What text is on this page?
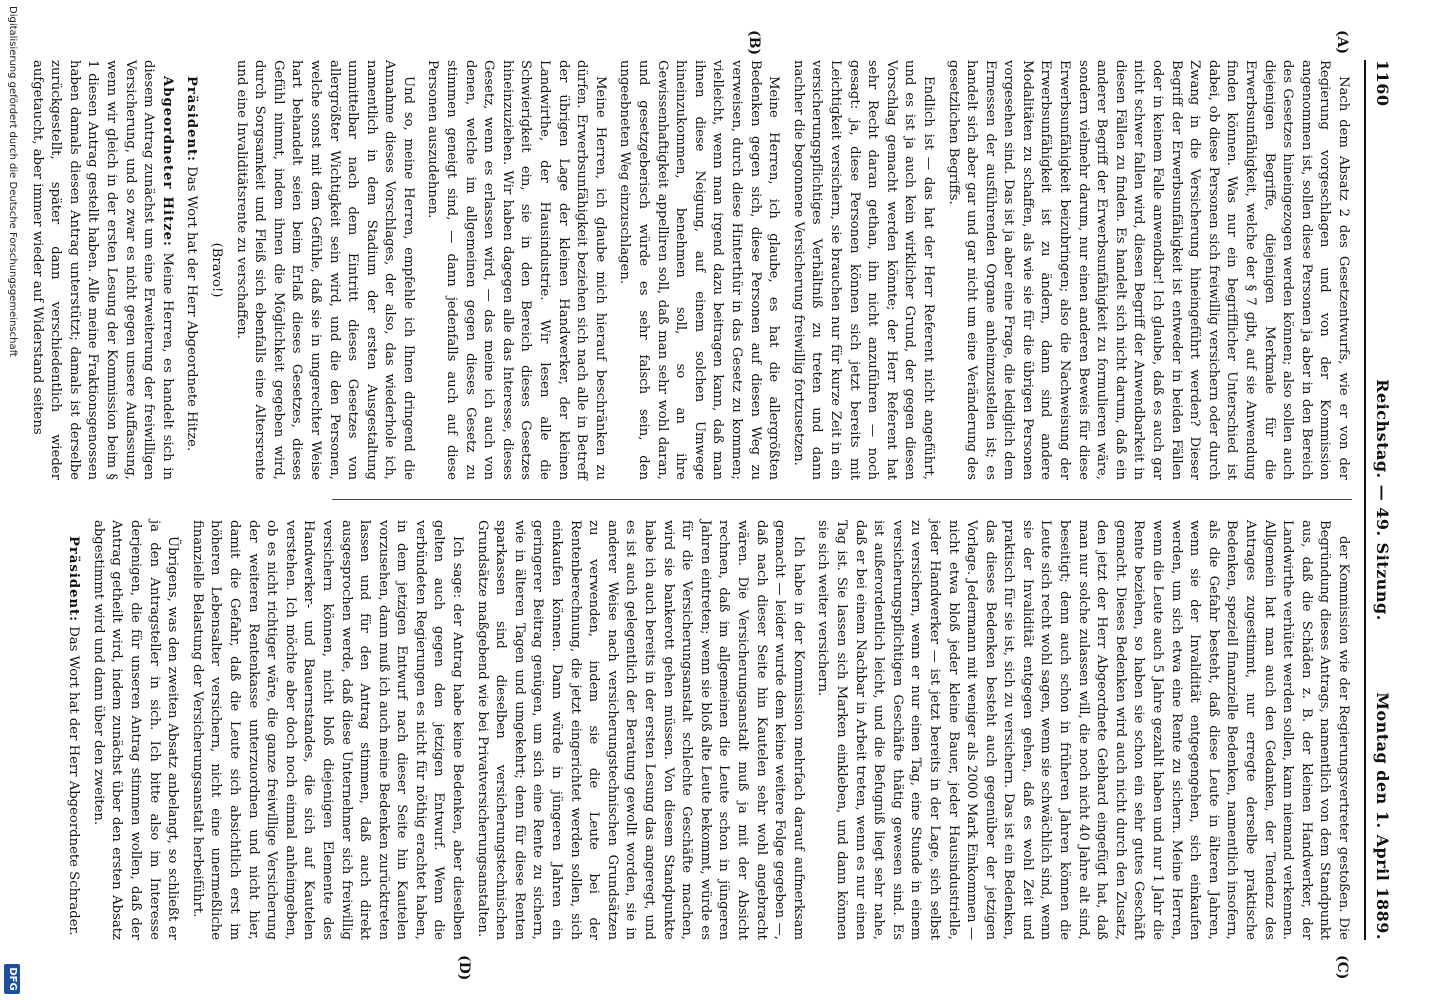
1160
Reichstag. — 49. Sitzung.
Montag den 1. April 1889.
(A)
(B)
(C)
(D)

Nach dem Absatz 2 des Gesetzentwurfs, wie er von der Regierung vorgeschlagen und von der Kommission angenommen ist, sollen diese Personen ja aber in den Bereich des Gesetzes hineingezogen werden können; also sollen auch diejenigen Begriffe, diejenigen Merkmale für die Erwerbsunfähigkeit, welche der § 7 gibt, auf sie Anwendung finden können. Was nur ein begrifflicher Unterschied ist dabei, ob diese Personen sich freiwillig versichern oder durch Zwang in die Versicherung hineingeführt werden? Dieser Begriff der Erwerbsunfähigkeit ist entweder in beiden Fällen oder in keinem Falle anwendbar! Ich glaube, daß es auch gar nicht schwer fallen wird, diesen Begriff der Anwendbarkeit in diesen Fällen zu finden. Es handelt sich nicht darum, daß ein anderer Begriff der Erwerbsunfähigkeit zu formulieren wäre, sondern vielmehr darum, nur einen anderen Beweis für diese Erwerbsunfähigkeit beizubringen; also die Nachweisung der Erwerbsunfähigkeit ist zu ändern, dann sind andere Modalitäten zu schaffen, als wie sie für die übrigen Personen vorgesehen sind. Das ist ja aber eine Frage, die lediglich dem Ermessen der ausführenden Organe anheimzustellen ist; es handelt sich aber gar und gar nicht um eine Veränderung des gesetzlichen Begriffs.

Endlich ist — das hat der Herr Referent nicht angeführt, und es ist ja auch kein wirklicher Grund, der gegen diesen Vorschlag gemacht werden könnte; der Herr Referent hat sehr Recht daran gethan, ihn nicht anzuführen — noch gesagt: ja, diese Personen können sich jetzt bereits mit Leichtigkeit versichern, sie brauchen nur für kurze Zeit in ein versicherungspflichtiges Verhältniß zu treten und dann nachher die begonnene Versicherung freiwillig fortzusetzen.

Meine Herren, ich glaube, es hat die allergrößten Bedenken gegen sich, diese Personen auf diesen Weg zu verweisen, durch diese Hinterthür in das Gesetz zu kommen; vielleicht, wenn man irgend dazu beitragen kann, daß man ihnen diese Neigung, auf einem solchen Umwege hineinzukommen, benehmen soll, so an ihre Gewissenhaftigkeit appelliren soll, daß man sehr wohl daran, und gesetzgeberisch würde es sehr falsch sein, den ungeebneten Weg einzuschlagen.

Meine Herren, ich glaube mich hierauf beschränken zu dürfen. Erwerbsunfähigkeit beziehen sich nach alle in Betreff der übrigen Lage der kleinen Handwerker, der kleinen Landwirthe, der Hausindustrie. Wir lesen alle die Schwierigkeit ein, sie in den Bereich dieses Gesetzes hineinzuziehen. Wir haben dagegen alle das Interesse, dieses Gesetz, wenn es erlassen wird, — das meine ich auch von denen, welche im allgemeinen gegen dieses Gesetz zu stimmen geneigt sind, — dann jedenfalls auch auf diese Personen auszudehnen.

Und so, meine Herren, empfehle ich Ihnen dringend die Annahme dieses Vorschlages, der also, das wiederhole ich, namentlich in dem Stadium der ersten Ausgestaltung unmittelbar nach dem Eintritt dieses Gesetzes von allergrößter Wichtigkeit sein wird, und die den Personen, welche sonst mit dem Gefühle, daß sie in ungerechter Weise hart behandelt seien beim Erlaß dieses Gesetzes, dieses Gefühl nimmt, indem ihnen die Möglichkeit gegeben wird, durch Sorgsamkeit und Fleiß sich ebenfalls eine Altersrente und eine Invaliditätsrente zu verschaffen.

(Bravo!)

Präsident: Das Wort hat der Herr Abgeordnete Hitze.

Abgeordneter Hitze: Meine Herren, es handelt sich in diesem Antrag zunächst um eine Erweiterung der freiwilligen Versicherung, und so zwar es nicht gegen unsere Auffassung, wenn wir gleich in der ersten Lesung der Kommission beim § 1 diesen Antrag gestellt haben. Alle meine Fraktionsgenossen haben damals diesen Antrag unterstützt; damals ist derselbe zurückgestellt, später dann verschiedentlich wieder aufgetaucht, aber immer wieder auf Widerstand seitens

der Kommission wie der Regierungsvertreter gestoßen. Die Begründung dieses Antrags, namentlich von dem Standpunkt aus, daß die Schäden z. B. der kleinen Handwerker, der Landwirthe verhütet werden sollen, kann niemand verkennen. Allgemein hat man auch den Gedanken, der Tendenz des Antrages zugestimmt, nur erregte derselbe praktische Bedenken, speziell finanzielle Bedenken, namentlich insofern, als die Gefahr besteht, daß diese Leute in älteren Jahren, wenn sie der Invalidität entgegengehen, sich einkaufen werden, um sich etwa eine Rente zu sichern. Meine Herren, wenn die Leute auch 5 Jahre gezahlt haben und nur 1 Jahr die Rente beziehen, so haben sie schon ein sehr gutes Geschäft gemacht. Dieses Bedenken wird auch nicht durch den Zusatz, den jetzt der Herr Abgeordnete Gebhard eingefügt hat, daß man nur solche zulassen will, die noch nicht 40 Jahre alt sind, beseitigt; denn auch schon in früheren Jahren können die Leute sich recht wohl sagen, wenn sie schwächlich sind, wenn sie der Invalidität entgegen gehen, daß es wohl Zeit und praktisch für sie ist, sich zu versichern. Das ist ein Bedenken, das dieses Bedenken besteht auch gegenüber der jetzigen Vorlage. Jedermann mit weniger als 2000 Mark Einkommen — nicht etwa bloß jeder kleine Bauer, jeder Hausindustrielle, jeder Handwerker — ist jetzt bereits in der Lage, sich selbst zu versichern, wenn er nur einen Tag, eine Stunde in einem versicherungspflichtigen Geschäfte thätig gewesen sind. Es ist außerordentlich leicht, und die Befugniß liegt sehr nahe, daß er bei einem Nachbar in Arbeit treten, wenn es nur einen Tag ist. Sie lassen sich Marken einkleben, und dann können sie sich weiter versichern.

Ich habe in der Kommission mehrfach darauf aufmerksam gemacht — leider wurde dem keine weitere Folge gegeben —, daß nach dieser Seite hin Kautelen sehr wohl angebracht wären. Die Versicherungsanstalt muß ja mit der Absicht rechnen, daß im allgemeinen die Leute schon in jüngeren Jahren eintreten; wenn sie bloß alte Leute bekommt, würde es für die Versicherungsanstalt schlechte Geschäfte machen, wird sie bankerott gehen müssen. Von diesem Standpunkte habe ich auch bereits in der ersten Lesung das angeregt, und es ist auch gelegentlich der Beratung gewollt worden, sie in anderer Weise nach versicherungstechnischen Grundsätzen zu verwenden, indem sie die Leute bei der Rentenberechnung, die jetzt eingerichtet werden sollen, sich einkaufen können. Dann würde in jüngeren Jahren ein geringerer Beitrag genügen, um sich eine Rente zu sichern, wie in älteren Tagen und umgekehrt; denn für diese Renten sparkassen sind dieselben versicherungstechnischen Grundsätze maßgebend wie bei Privatversicherungsanstalten.

Ich sage: der Antrag habe keine Bedenken, aber dieselben gelten auch gegen den jetzigen Entwurf. Wenn die verbündeten Regierungen es nicht für nöthig erachtet haben, in dem jetzigen Entwurf nach dieser Seite hin Kautelen vorzusehen, dann muß ich auch meine Bedenken zurücktreten lassen und für den Antrag stimmen, daß auch direkt ausgesprochen werde, daß diese Unternehmer sich freiwillig versichern können, nicht bloß diejenigen Elemente des Handwerker- und Bauernstandes, die sich auf Kautelen verstehen. Ich möchte aber doch noch einmal anheimgeben, ob es nicht richtiger wäre, die ganze freiwillige Versicherung der weiteren Rentenkasse unterzuordnen und nicht hier, damit die Gefahr, daß die Leute sich absichtlich erst im höheren Lebensalter versichern, nicht eine unermeßliche finanzielle Belastung der Versicherungsanstalt herbeiführt.

Übrigens, was den zweiten Absatz anbelangt, so schließt er ja den Antragsteller in sich. Ich bitte also im Interesse derjenigen, die für unseren Antrag stimmen wollen, daß der Antrag getheilt wird, indem zunächst über den ersten Absatz abgestimmt wird und dann über den zweiten.

Präsident: Das Wort hat der Herr Abgeordnete Schrader.

Digitalisierung gefördert durch die Deutsche Forschungsgemeinschaft
DFG
